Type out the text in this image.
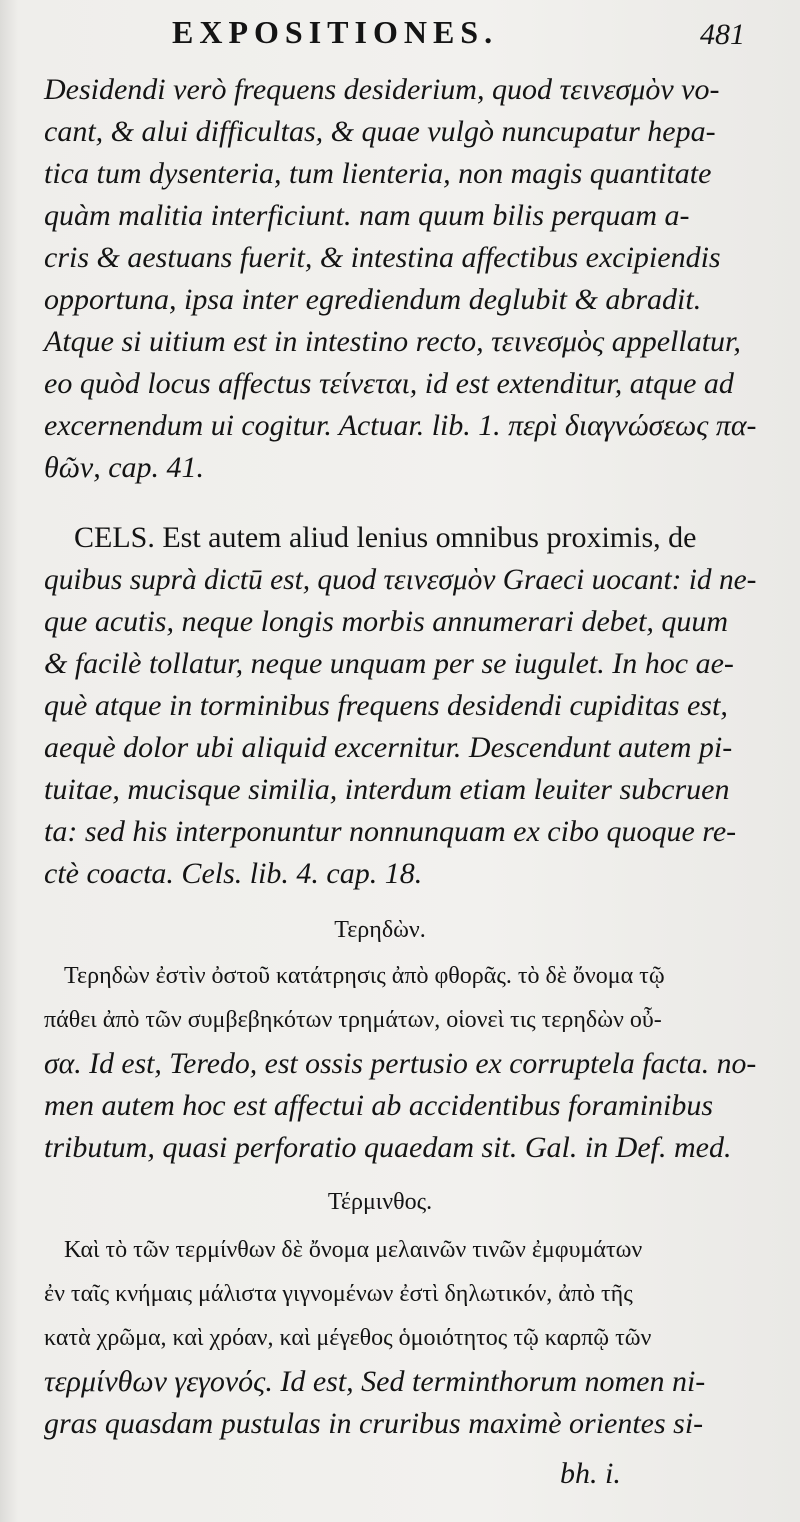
EXPOSITIONES.	481
Desidendi verò frequens desiderium, quod τεινεσμὸν vo-
cant, & alui difficultas, & quae vulgò nuncupatur hepa-
tica tum dysenteria, tum lienteria, non magis quantitate
quàm malitia interficiunt. nam quum bilis perquam a-
cris & aestuans fuerit, & intestina affectibus excipiendis
opportuna, ipsa inter egrediendum deglubit & abradit.
Atque si uitium est in intestino recto, τεινεσμὸς appellatur,
eo quòd locus affectus τείνεται, id est extenditur, atque ad
excernendum ui cogitur. Actuar. lib. 1. περὶ διαγνώσεως πα-
θῶν, cap. 41.
CELS. Est autem aliud lenius omnibus proximis, de
quibus suprà dictū est, quod τεινεσμὸν Graeci uocant: id ne-
que acutis, neque longis morbis annumerari debet, quum
& facilè tollatur, neque unquam per se iugulet. In hoc ae-
què atque in torminibus frequens desidendi cupiditas est,
aequè dolor ubi aliquid excernitur. Descendunt autem pi-
tuitae, mucisque similia, interdum etiam leuiter subcruen
ta: sed his interponuntur nonnunquam ex cibo quoque re-
ctè coacta. Cels. lib. 4. cap. 18.
Τερηδὼν.
Τερηδὼν ἐστὶν ὀστοῦ κατάτρησις ἀπὸ φθορᾶς. τὸ δὲ ὄνομα τῷ
πάθει ἀπὸ τῶν συμβεβηκότων τρημάτων, οἱονεὶ τις τερηδὼν οὖ-
σα. Id est, Teredo, est ossis pertusio ex corruptela facta. no-
men autem hoc est affectui ab accidentibus foraminibus
tributum, quasi perforatio quaedam sit. Gal. in Def. med.
Τέρμινθος.
Καὶ τὸ τῶν τερμίνθων δὲ ὄνομα μελαινῶν τινῶν ἐμφυμάτων
ἐν ταῖς κνήμαις μάλιστα γιγνομένων ἐστὶ δηλωτικόν, ἀπὸ τῆς
κατὰ χρῶμα, καὶ χρόαν, καὶ μέγεθος ὁμοιότητος τῷ καρπῷ τῶν
τερμίνθων γεγονός. Id est, Sed terminthorum nomen ni-
gras quasdam pustulas in cruribus maximè orientes si-
bh. i.
